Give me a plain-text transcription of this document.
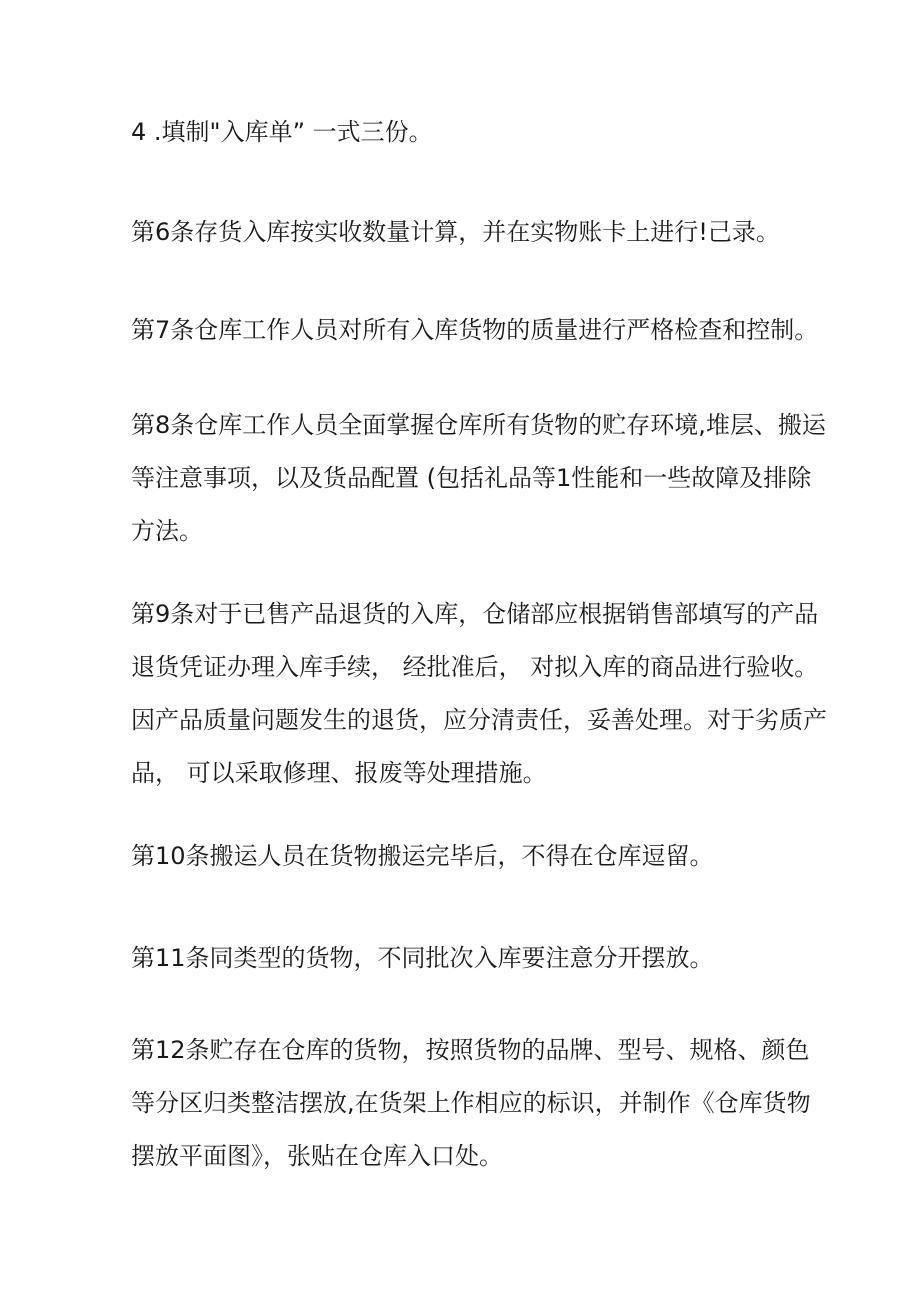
4 .填制"入库单” 一式三份。

第6条存货入库按实收数量计算，并在实物账卡上进行!己录。

第7条仓库工作人员对所有入库货物的质量进行严格检查和控制。

第8条仓库工作人员全面掌握仓库所有货物的贮存环境,堆层、搬运
等注意事项，以及货品配置 (包括礼品等1性能和一些故障及排除
方法。

第9条对于已售产品退货的入库，仓储部应根据销售部填写的产品
退货凭证办理入库手续， 经批准后， 对拟入库的商品进行验收。
因产品质量问题发生的退货，应分清责任，妥善处理。对于劣质产
品， 可以采取修理、报废等处理措施。

第10条搬运人员在货物搬运完毕后，不得在仓库逗留。

第11条同类型的货物，不同批次入库要注意分开摆放。

第12条贮存在仓库的货物，按照货物的品牌、型号、规格、颜色
等分区归类整洁摆放,在货架上作相应的标识，并制作《仓库货物
摆放平面图》，张贴在仓库入口处。
